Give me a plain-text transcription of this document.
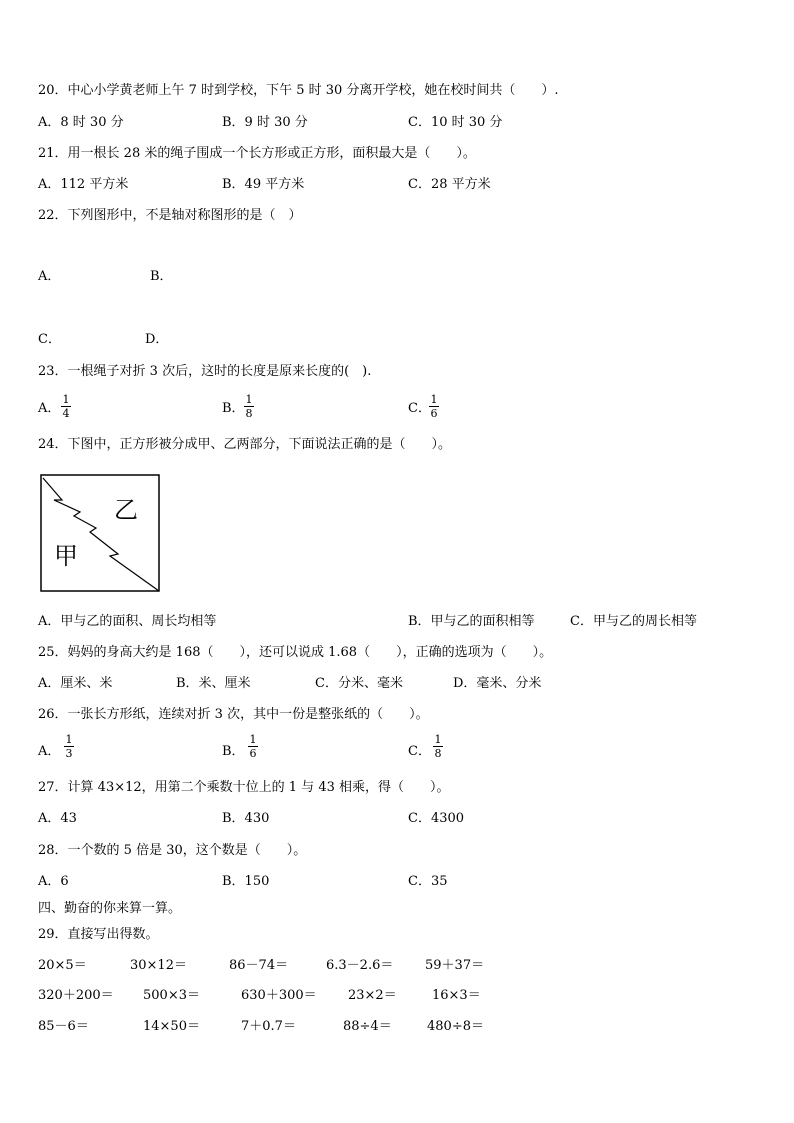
20．中心小学黄老师上午 7 时到学校，下午 5 时 30 分离开学校，她在校时间共（　　）.
A．8 时 30 分	B．9 时 30 分	C．10 时 30 分
21．用一根长 28 米的绳子围成一个长方形或正方形，面积最大是（　　）。
A．112 平方米	B．49 平方米	C．28 平方米
22．下列图形中，不是轴对称图形的是（　）
A．	B．
C．	D．
23．一根绳子对折 3 次后，这时的长度是原来长度的(　).
A．
1
4	B．
1
8	C．
1
6
24．下图中，正方形被分成甲、乙两部分，下面说法正确的是（　　）。
乙
甲
A．甲与乙的面积、周长均相等	B．甲与乙的面积相等	C．甲与乙的周长相等
25．妈妈的身高大约是 168（　　），还可以说成 1.68（　　），正确的选项为（　　）。
A．厘米、米	B．米、厘米	C．分米、毫米	D．毫米、分米
26．一张长方形纸，连续对折 3 次，其中一份是整张纸的（　　）。
A．
1
3	B．
1
6	C．
1
8
27．计算 43×12，用第二个乘数十位上的 1 与 43 相乘，得（　　）。
A．43	B．430	C．4300
28．一个数的 5 倍是 30，这个数是（　　）。
A．6	B．150	C．35
四、勤奋的你来算一算。
29．直接写出得数。
20×5＝	30×12＝	86－74＝	6.3－2.6＝ 59＋37＝
320＋200＝ 500×3＝	630＋300＝ 23×2＝	16×3＝
85－6＝	14×50＝	7＋0.7＝	88÷4＝	480÷8＝
